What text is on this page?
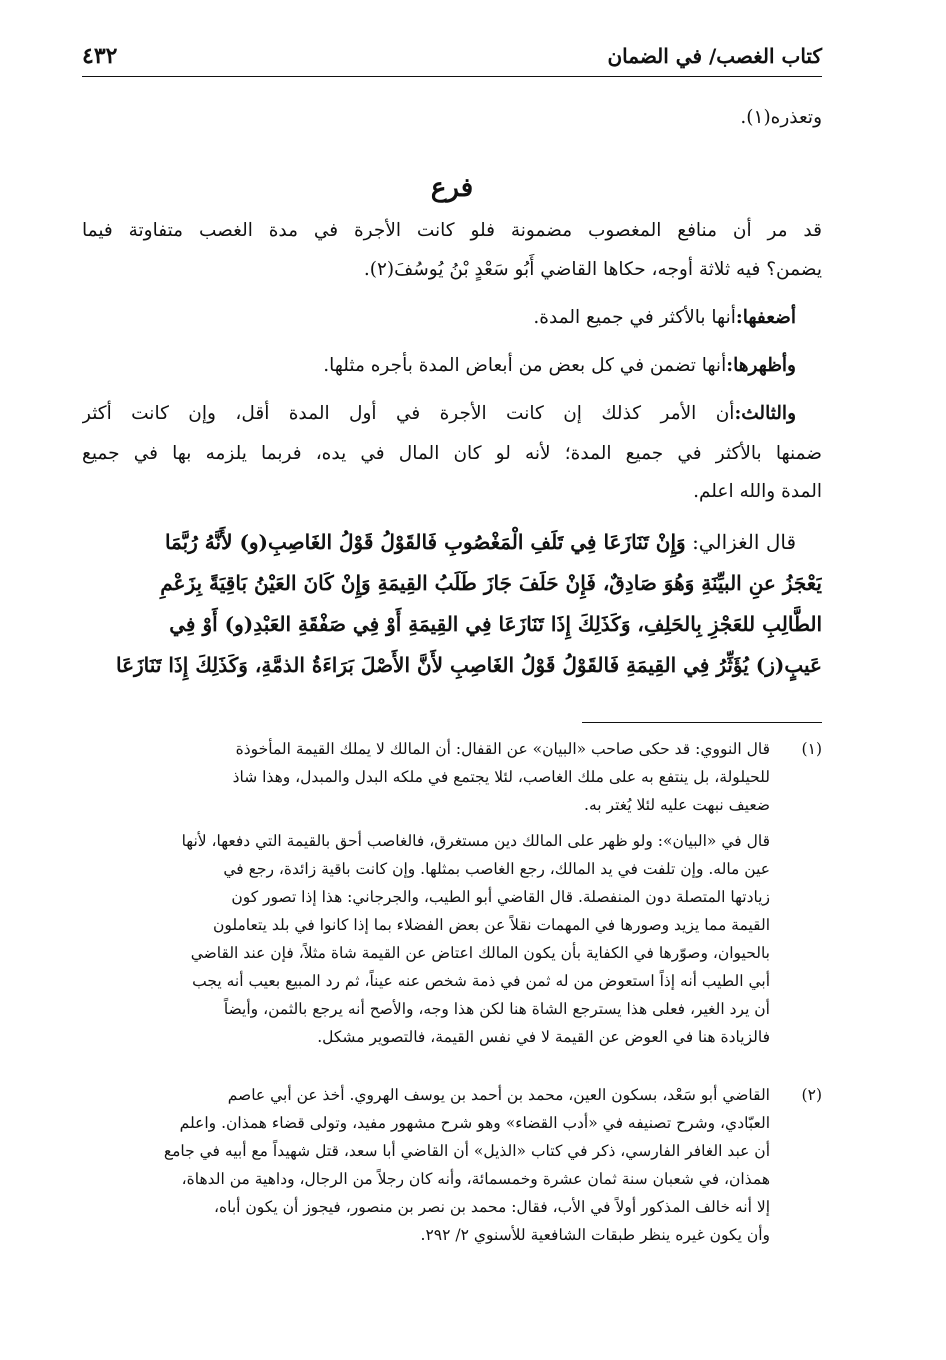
كتاب الغصب/ في الضمان
٤٣٢
وتعذره(١).
فرع
قد مر أن منافع المغصوب مضمونة فلو كانت الأجرة في مدة الغصب متفاوتة فيما
يضمن؟ فيه ثلاثة أوجه، حكاها القاضي أَبُو سَعْدٍ بْنُ يُوسُفَ(٢).
أضعفها:أنها بالأكثر في جميع المدة.
وأظهرها:أنها تضمن في كل بعض من أبعاض المدة بأجره مثلها.
والثالث:أن الأمر كذلك إن كانت الأجرة في أول المدة أقل، وإن كانت أكثر
ضمنها بالأكثر في جميع المدة؛ لأنه لو كان المال في يده، فربما يلزمه بها في جميع
المدة والله اعلم.
قال الغزالي: وَإِنْ تَنَازَعَا فِي تَلَفِ الْمَغْصُوبِ فَالقَوْلُ قَوْلُ الغَاصِبِ(و) لأَنَّهُ رُبَّمَا
يَعْجَزُ عنِ البيِّنَةِ وَهُوَ صَادِقٌ، فَإِنْ حَلَفَ جَازَ طَلَبُ القِيمَةِ وَإِنْ كَانَ العَيْنُ بَاقِيَةً بِزَعْمِ
الطَّالِبِ للعَجْزِ بِالحَلِفِ، وَكَذَلِكَ إِذَا تَنَازَعَا فِي القِيمَةِ أَوْ فِي صَفْقَةِ العَبْدِ(و) أَوْ فِي
عَيبٍ(ز) يُؤَثِّرُ فِي القِيمَةِ فَالقَوْلُ قَوْلُ الغَاصِبِ لأَنَّ الأَصْلَ بَرَاءَةُ الذمَّةِ، وَكَذَلِكَ إِذَا تَنَازَعَا
(١)
قال النووي: قد حكى صاحب «البيان» عن القفال: أن المالك لا يملك القيمة المأخوذة
للحيلولة، بل ينتفع به على ملك الغاصب، لئلا يجتمع في ملكه البدل والمبدل، وهذا شاذ
ضعيف نبهت عليه لئلا يُغتر به.
قال في «البيان»: ولو ظهر على المالك دين مستغرق، فالغاصب أحق بالقيمة التي دفعها، لأنها
عين ماله. وإن تلفت في يد المالك، رجع الغاصب بمثلها. وإن كانت باقية زائدة، رجع في
زيادتها المتصلة دون المنفصلة. قال القاضي أبو الطيب، والجرجاني: هذا إذا تصور كون
القيمة مما يزيد وصورها في المهمات نقلاً عن بعض الفضلاء بما إذا كانوا في بلد يتعاملون
بالحيوان، وصوّرها في الكفاية بأن يكون المالك اعتاض عن القيمة شاة مثلاً، فإن عند القاضي
أبي الطيب أنه إذاً استعوض من له ثمن في ذمة شخص عنه عيناً، ثم رد المبيع بعيب أنه يجب
أن يرد الغير، فعلى هذا يسترجع الشاة هنا لكن هذا وجه، والأصح أنه يرجع بالثمن، وأيضاً
فالزيادة هنا في العوض عن القيمة لا في نفس القيمة، فالتصوير مشكل.
(٢)
القاضي أبو سَعْد، بسكون العين، محمد بن أحمد بن يوسف الهروي. أخذ عن أبي عاصم
العبّادي، وشرح تصنيفه في «أدب القضاء» وهو شرح مشهور مفيد، وتولى قضاء همذان. واعلم
أن عبد الغافر الفارسي، ذكر في كتاب «الذيل» أن القاضي أبا سعد، قتل شهيداً مع أبيه في جامع
همذان، في شعبان سنة ثمان عشرة وخمسمائة، وأنه كان رجلاً من الرجال، وداهية من الدهاة،
إلا أنه خالف المذكور أولاً في الأب، فقال: محمد بن نصر بن منصور، فيجوز أن يكون أباه،
وأن يكون غيره ينظر طبقات الشافعية للأسنوي ٢/ ٢٩٢.
